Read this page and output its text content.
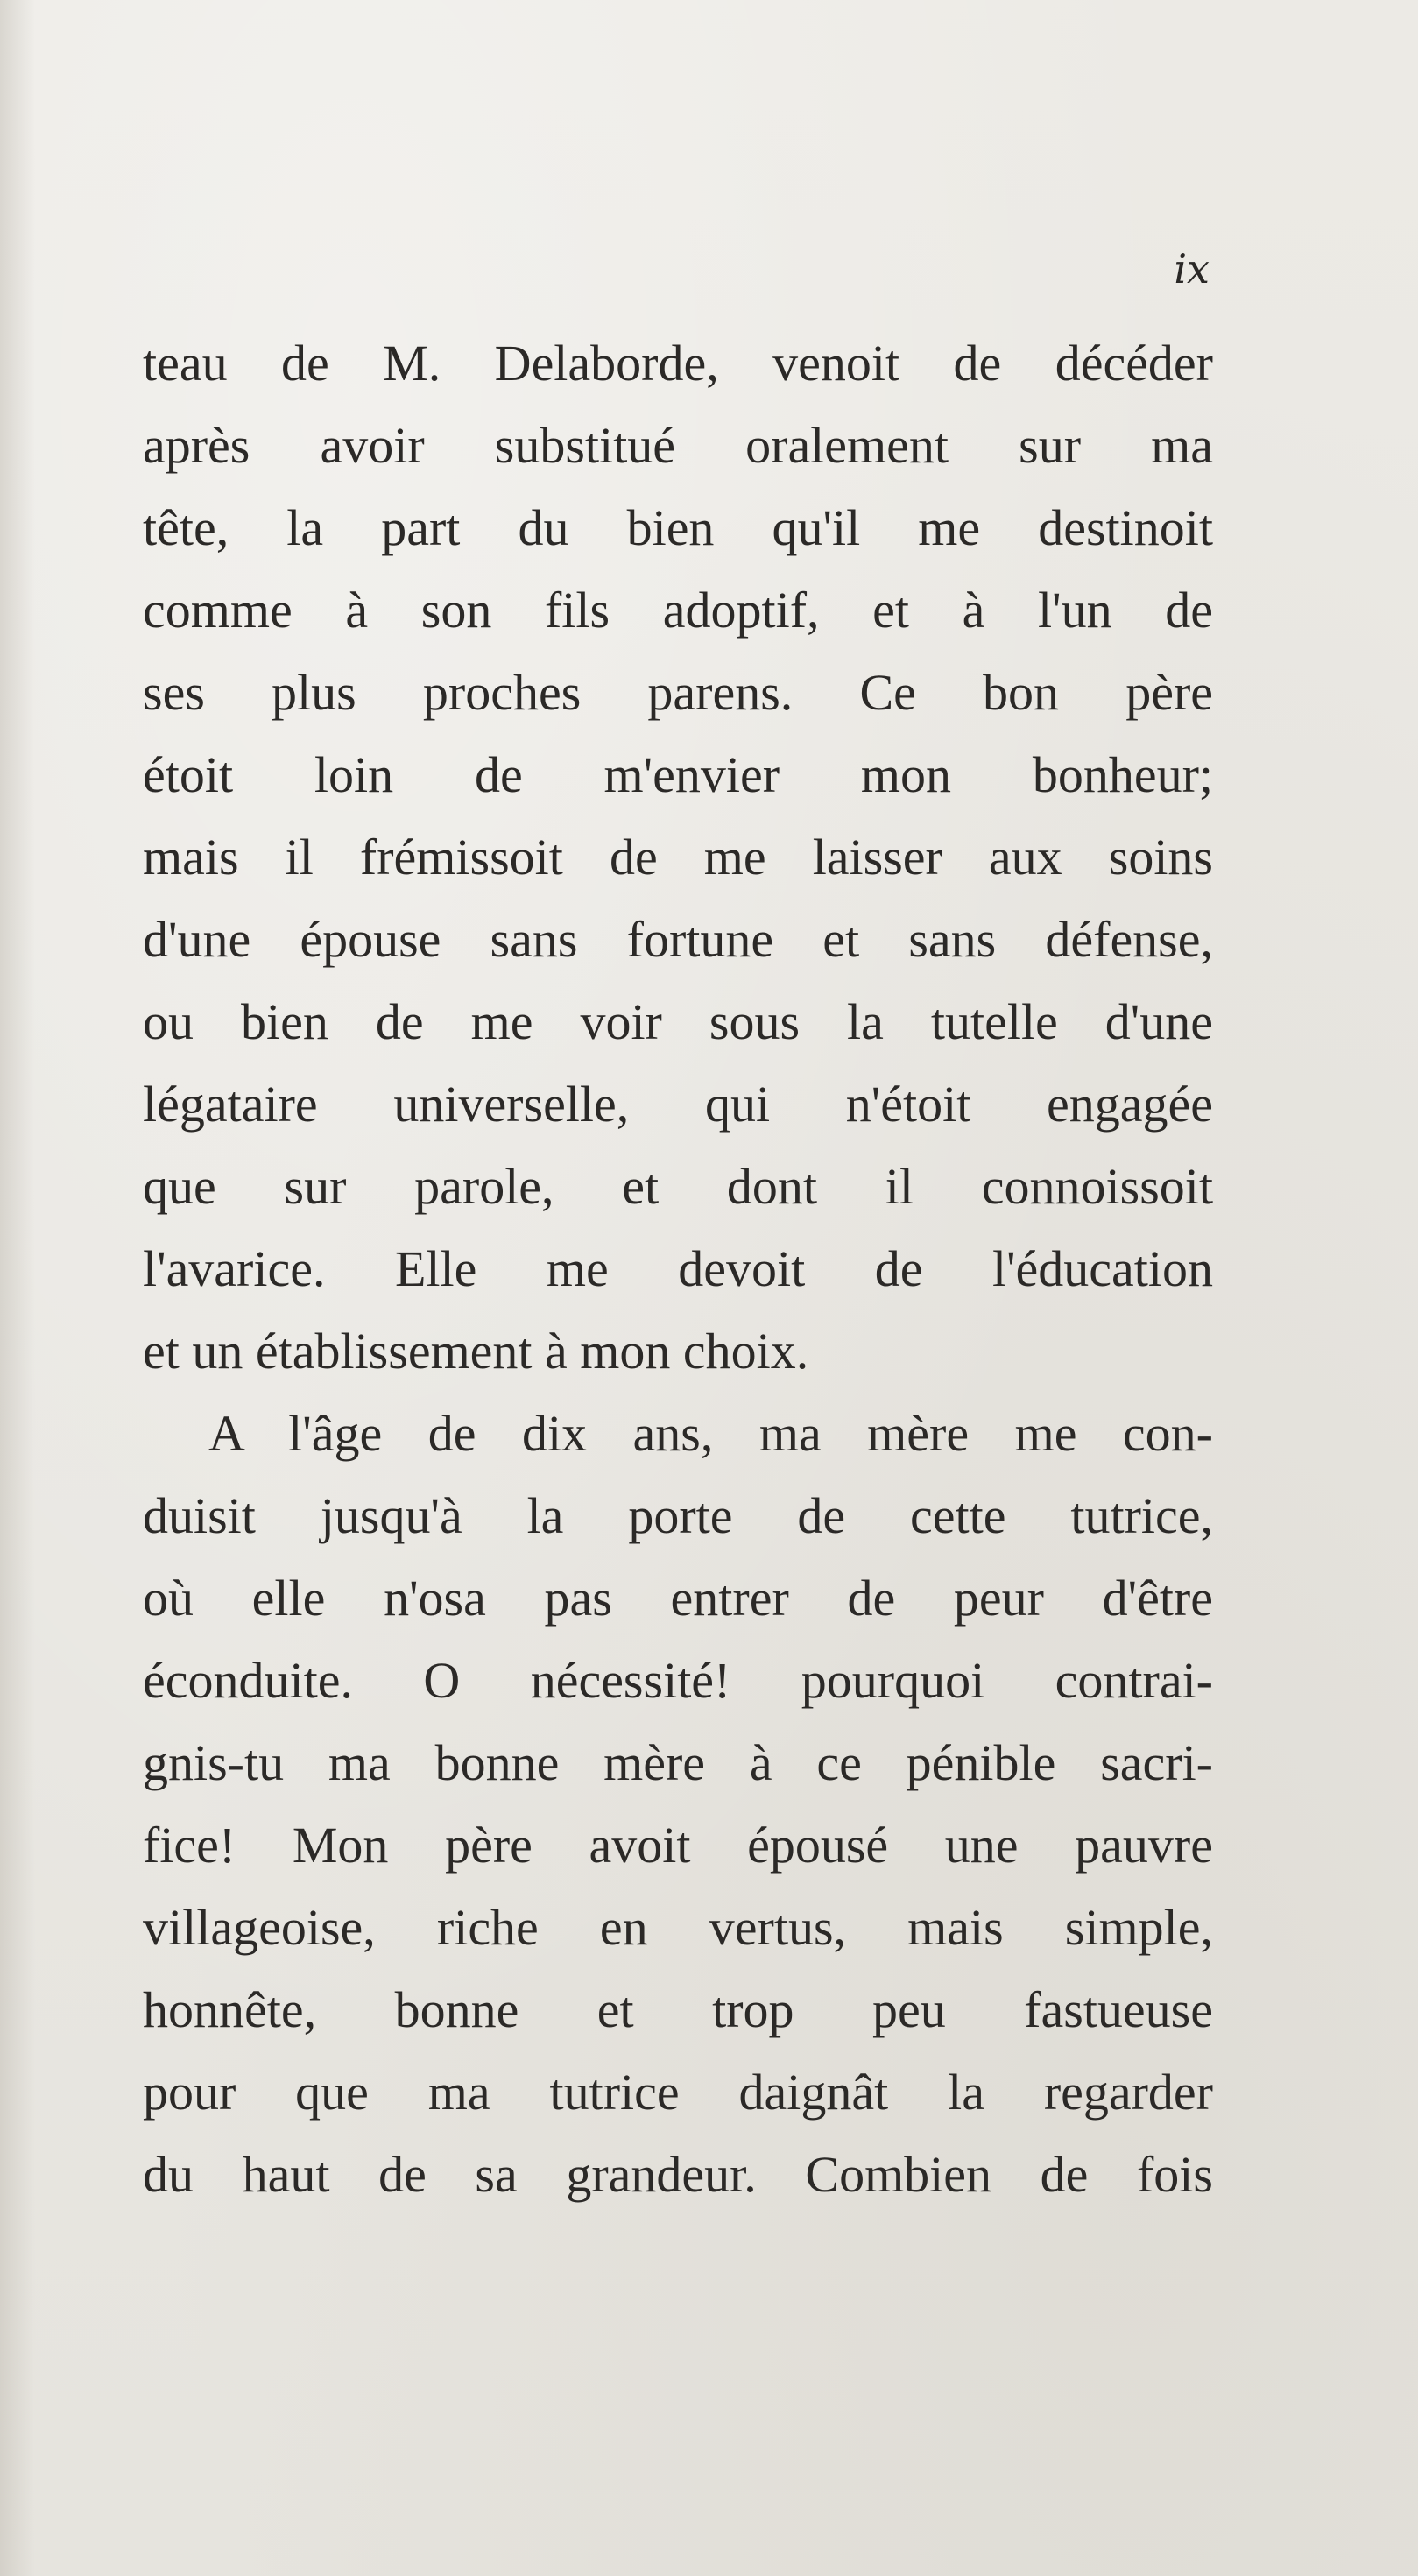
ix

teau de M. Delaborde, venoit de décéder
après avoir substitué oralement sur ma
tête, la part du bien qu'il me destinoit
comme à son fils adoptif, et à l'un de
ses plus proches parens. Ce bon père
étoit loin de m'envier mon bonheur;
mais il frémissoit de me laisser aux soins
d'une épouse sans fortune et sans défense,
ou bien de me voir sous la tutelle d'une
légataire universelle, qui n'étoit engagée
que sur parole, et dont il connoissoit
l'avarice. Elle me devoit de l'éducation
et un établissement à mon choix.
A l'âge de dix ans, ma mère me con-
duisit jusqu'à la porte de cette tutrice,
où elle n'osa pas entrer de peur d'être
éconduite. O nécessité! pourquoi contrai-
gnis-tu ma bonne mère à ce pénible sacri-
fice! Mon père avoit épousé une pauvre
villageoise, riche en vertus, mais simple,
honnête, bonne et trop peu fastueuse
pour que ma tutrice daignât la regarder
du haut de sa grandeur. Combien de fois
